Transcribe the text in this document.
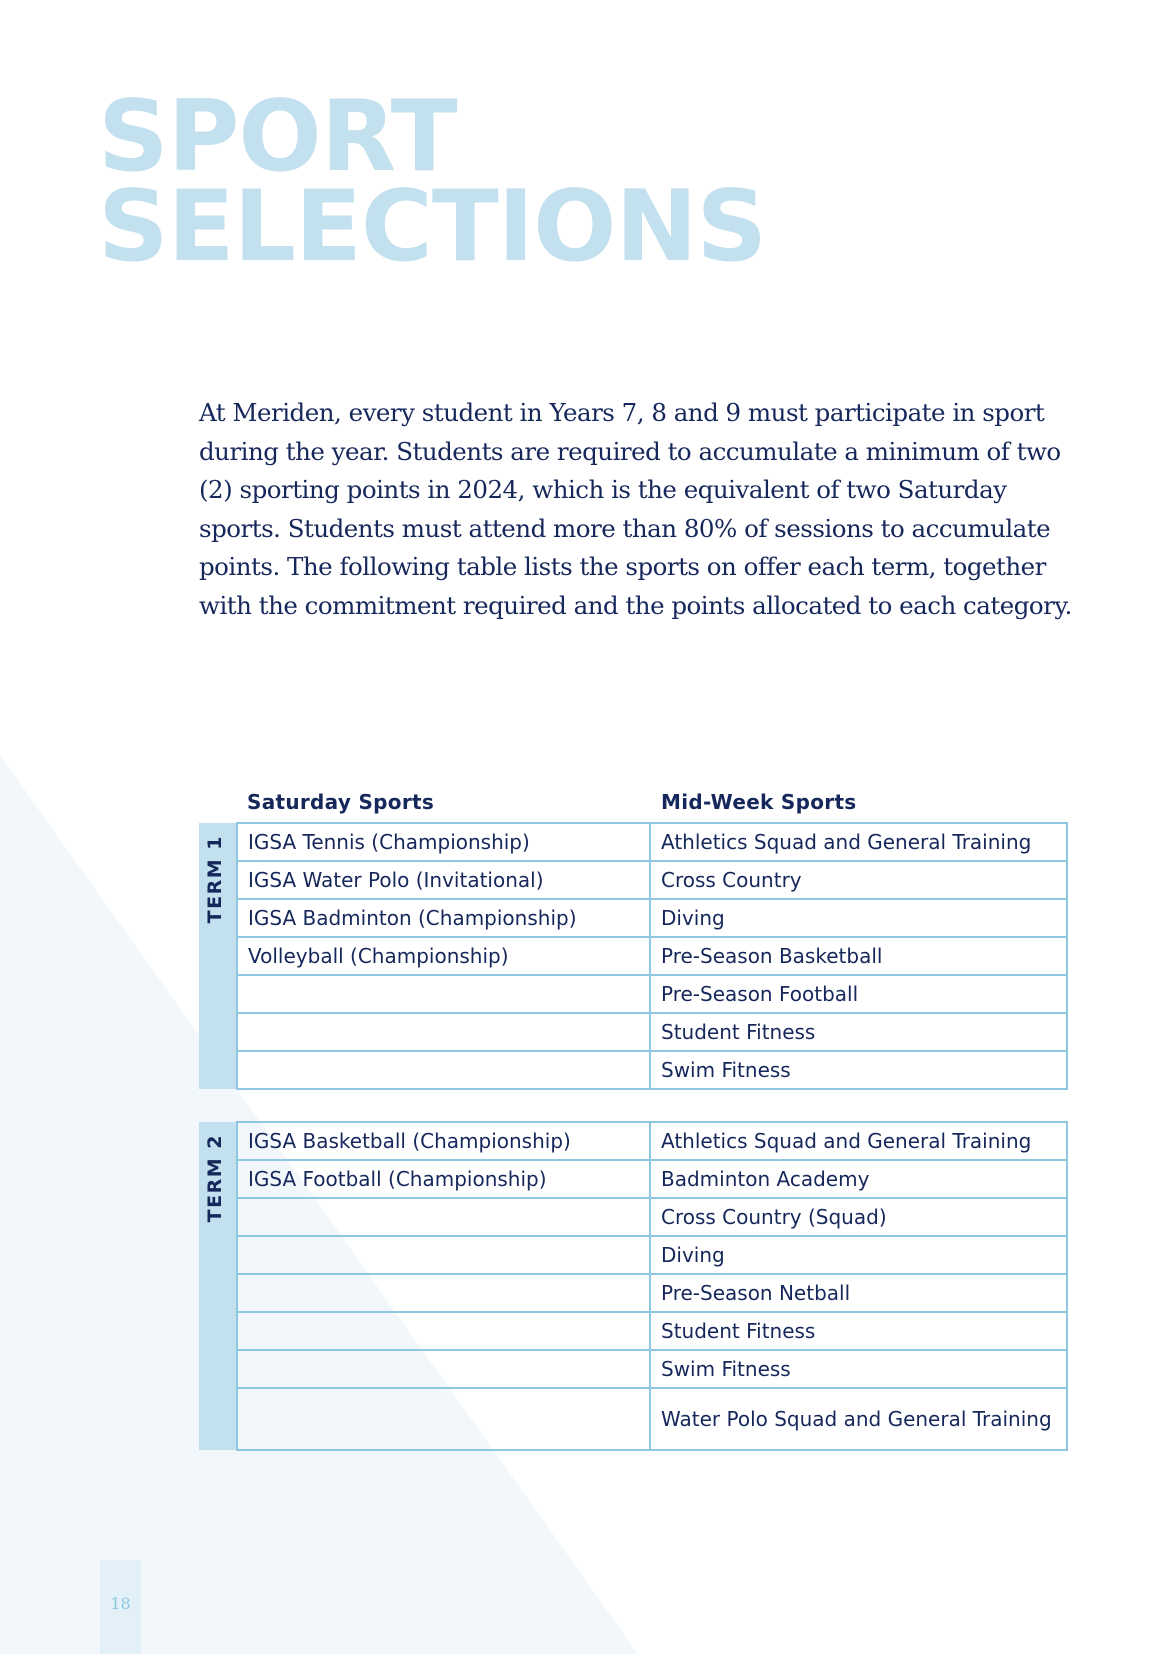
SPORT
SELECTIONS

At Meriden, every student in Years 7, 8 and 9 must participate in sport during the year. Students are required to accumulate a minimum of two (2) sporting points in 2024, which is the equivalent of two Saturday sports. Students must attend more than 80% of sessions to accumulate points. The following table lists the sports on offer each term, together with the commitment required and the points allocated to each category.

Saturday Sports	Mid-Week Sports
TERM 1	IGSA Tennis (Championship)	Athletics Squad and General Training
	IGSA Water Polo (Invitational)	Cross Country
	IGSA Badminton (Championship)	Diving
	Volleyball (Championship)	Pre-Season Basketball
		Pre-Season Football
		Student Fitness
		Swim Fitness
TERM 2	IGSA Basketball (Championship)	Athletics Squad and General Training
	IGSA Football (Championship)	Badminton Academy
		Cross Country (Squad)
		Diving
		Pre-Season Netball
		Student Fitness
		Swim Fitness
		Water Polo Squad and General Training
18
